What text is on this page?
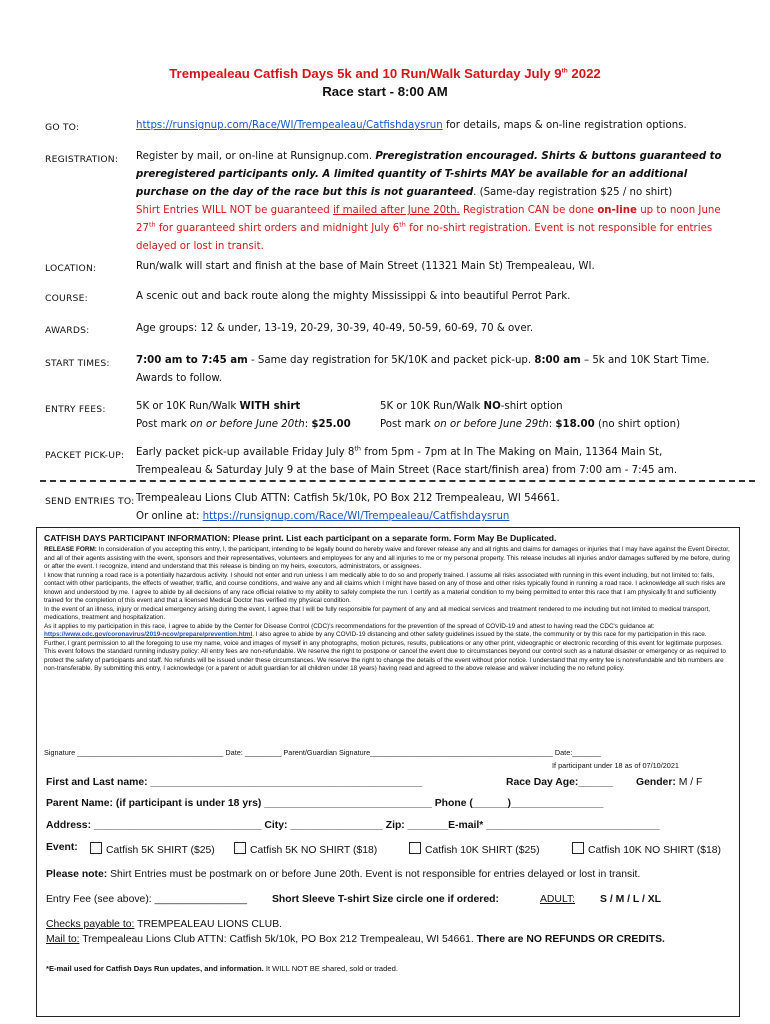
Trempealeau Catfish Days 5k and 10 Run/Walk Saturday July 9th 2022
Race start - 8:00 AM
GO TO:	https://runsignup.com/Race/WI/Trempealeau/Catfishdaysrun for details, maps & on-line registration options.
REGISTRATION: Register by mail, or on-line at Runsignup.com. Preregistration encouraged. Shirts & buttons guaranteed to preregistered participants only. A limited quantity of T-shirts MAY be available for an additional purchase on the day of the race but this is not guaranteed. (Same-day registration $25 / no shirt)
Shirt Entries WILL NOT be guaranteed if mailed after June 20th. Registration CAN be done on-line up to noon June 27th for guaranteed shirt orders and midnight July 6th for no-shirt registration. Event is not responsible for entries delayed or lost in transit.
LOCATION:	Run/walk will start and finish at the base of Main Street (11321 Main St) Trempealeau, WI.
COURSE:	A scenic out and back route along the mighty Mississippi & into beautiful Perrot Park.
AWARDS:	Age groups: 12 & under, 13-19, 20-29, 30-39, 40-49, 50-59, 60-69, 70 & over.
START TIMES:	7:00 am to 7:45 am - Same day registration for 5K/10K and packet pick-up. 8:00 am – 5k and 10K Start Time.
Awards to follow.
ENTRY FEES:	5K or 10K Run/Walk WITH shirt
Post mark on or before June 20th: $25.00
5K or 10K Run/Walk NO-shirt option
Post mark on or before June 29th: $18.00 (no shirt option)
PACKET PICK-UP: Early packet pick-up available Friday July 8th from 5pm - 7pm at In The Making on Main, 11364 Main St,
Trempealeau & Saturday July 9 at the base of Main Street (Race start/finish area) from 7:00 am - 7:45 am.
SEND ENTRIES TO: Trempealeau Lions Club ATTN: Catfish 5k/10k, PO Box 212 Trempealeau, WI 54661.
Or online at: https://runsignup.com/Race/WI/Trempealeau/Catfishdaysrun
CATFISH DAYS PARTICIPANT INFORMATION: Please print. List each participant on a separate form. Form May Be Duplicated.

RELEASE FORM: In consideration of you accepting this entry, I, the participant, intending to be legally bound do hereby waive and forever release any and all rights and claims for damages or injuries that I may have against the Event Director, and all of their agents assisting with the event, sponsors and their representatives, volunteers and employees for any and all injuries to me or my personal property. This release includes all injuries and/or damages suffered by me before, during or after the event. I recognize, intend and understand that this release is binding on my heirs, executors, administrators, or assignees.

I know that running a road race is a potentially hazardous activity. I should not enter and run unless I am medically able to do so and properly trained. I assume all risks associated with running in this event including, but not limited to: falls, contact with other participants, the effects of weather, traffic, and course conditions, and waive any and all claims which I might have based on any of those and other risks typically found in running a road race. I acknowledge all such risks are known and understood by me. I agree to abide by all decisions of any race official relative to my ability to safely complete the run. I certify as a material condition to my being permitted to enter this race that I am physically fit and sufficiently trained for the completion of this event and that a licensed Medical Doctor has verified my physical condition.

In the event of an illness, injury or medical emergency arising during the event, I agree that I will be fully responsible for payment of any and all medical services and treatment rendered to me including but not limited to medical transport, medications, treatment and hospitalization.

As it applies to my participation in this race, I agree to abide by the Center for Disease Control (CDC)'s recommendations for the prevention of the spread of COVID-19 and attest to having read the CDC's guidance at: https://www.cdc.gov/coronavirus/2019-ncov/prepare/prevention.html. I also agree to abide by any COVID-19 distancing and other safety guidelines issued by the state, the community or by this race for my participation in this race.

Further, I grant permission to all the foregoing to use my name, voice and images of myself in any photographs, motion pictures, results, publications or any other print, videographic or electronic recording of this event for legitimate purposes. This event follows the standard running industry policy: All entry fees are non-refundable. We reserve the right to postpone or cancel the event due to circumstances beyond our control such as a natural disaster or emergency or as required to protect the safety of participants and staff. No refunds will be issued under these circumstances. We reserve the right to change the details of the event without prior notice. I understand that my entry fee is nonrefundable and bib numbers are non-transferable. By submitting this entry, I acknowledge (or a parent or adult guardian for all children under 18 years) having read and agreed to the above release and waiver including the no refund policy.

Signature ____________________________________ Date: _________ Parent/Guardian Signature_____________________________________________ Date:_______
If participant under 18 as of 07/10/2021
First and Last name: _______________________________________________	Race Day Age:______ Gender: M / F
Parent Name: (if participant is under 18 yrs) _____________________________ Phone (______)________________
Address: _____________________________ City: ________________ Zip: _______E-mail* ______________________________
Event:	Catfish 5K SHIRT ($25)	Catfish 5K NO SHIRT ($18)	Catfish 10K SHIRT ($25)	Catfish 10K NO SHIRT ($18)
Please note: Shirt Entries must be postmark on or before June 20th. Event is not responsible for entries delayed or lost in transit.
Entry Fee (see above): ________________ Short Sleeve T-shirt Size circle one if ordered:	ADULT: S / M / L / XL
Checks payable to: TREMPEALEAU LIONS CLUB.
Mail to: Trempealeau Lions Club ATTN: Catfish 5k/10k, PO Box 212 Trempealeau, WI 54661. There are NO REFUNDS OR CREDITS.
*E-mail used for Catfish Days Run updates, and information. It WILL NOT BE shared, sold or traded.
